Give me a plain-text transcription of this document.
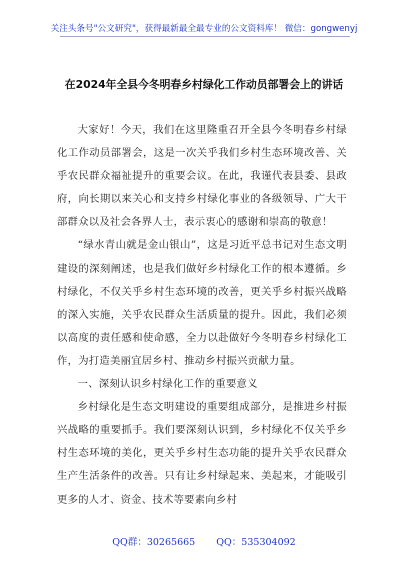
关注头条号"公文研究"，获得最新最全最专业的公文资料库！ 微信：gongwenyj
在2024年全县今冬明春乡村绿化工作动员部署会上的讲话

大家好！今天，我们在这里隆重召开全县今冬明春乡村绿化工作动员部署会，这是一次关乎我们乡村生态环境改善、关乎农民群众福祉提升的重要会议。在此，我谨代表县委、县政府，向长期以来关心和支持乡村绿化事业的各级领导、广大干部群众以及社会各界人士，表示衷心的感谢和崇高的敬意！

“绿水青山就是金山银山”，这是习近平总书记对生态文明建设的深刻阐述，也是我们做好乡村绿化工作的根本遵循。乡村绿化，不仅关乎乡村生态环境的改善，更关乎乡村振兴战略的深入实施，关乎农民群众生活质量的提升。因此，我们必须以高度的责任感和使命感，全力以赴做好今冬明春乡村绿化工作，为打造美丽宜居乡村、推动乡村振兴贡献力量。

一、深刻认识乡村绿化工作的重要意义

乡村绿化是生态文明建设的重要组成部分，是推进乡村振兴战略的重要抓手。我们要深刻认识到，乡村绿化不仅关乎乡村生态环境的美化，更关乎乡村生态功能的提升关乎农民群众生产生活条件的改善。只有让乡村绿起来、美起来，才能吸引更多的人才、资金、技术等要素向乡村

QQ群：30265665 QQ：535304092
